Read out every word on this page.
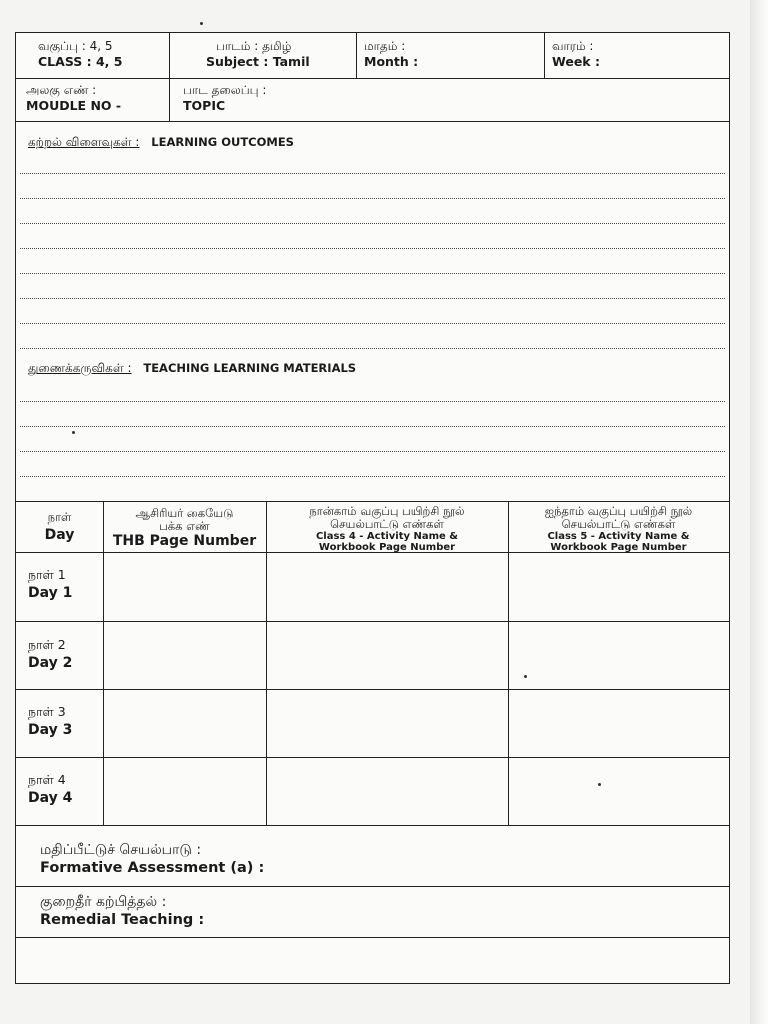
வகுப்பு : 4, 5
CLASS : 4, 5
பாடம் : தமிழ்
Subject : Tamil
மாதம் :
Month :
வாரம் :
Week :
அலகு எண் :
MOUDLE NO -
பாட தலைப்பு :
TOPIC
கற்றல் விளைவுகள் : LEARNING OUTCOMES
துணைக்கருவிகள் : TEACHING LEARNING MATERIALS
நாள்
Day
ஆசிரியர் கையேடு
பக்க எண்
THB Page Number
நான்காம் வகுப்பு பயிற்சி நூல்
செயல்பாட்டு எண்கள்
Class 4 - Activity Name &
Workbook Page Number
ஐந்தாம் வகுப்பு பயிற்சி நூல்
செயல்பாட்டு எண்கள்
Class 5 - Activity Name &
Workbook Page Number
நாள் 1
Day 1
நாள் 2
Day 2
நாள் 3
Day 3
நாள் 4
Day 4
மதிப்பீட்டுச் செயல்பாடு :
Formative Assessment (a) :
குறைதீர் கற்பித்தல் :
Remedial Teaching :
